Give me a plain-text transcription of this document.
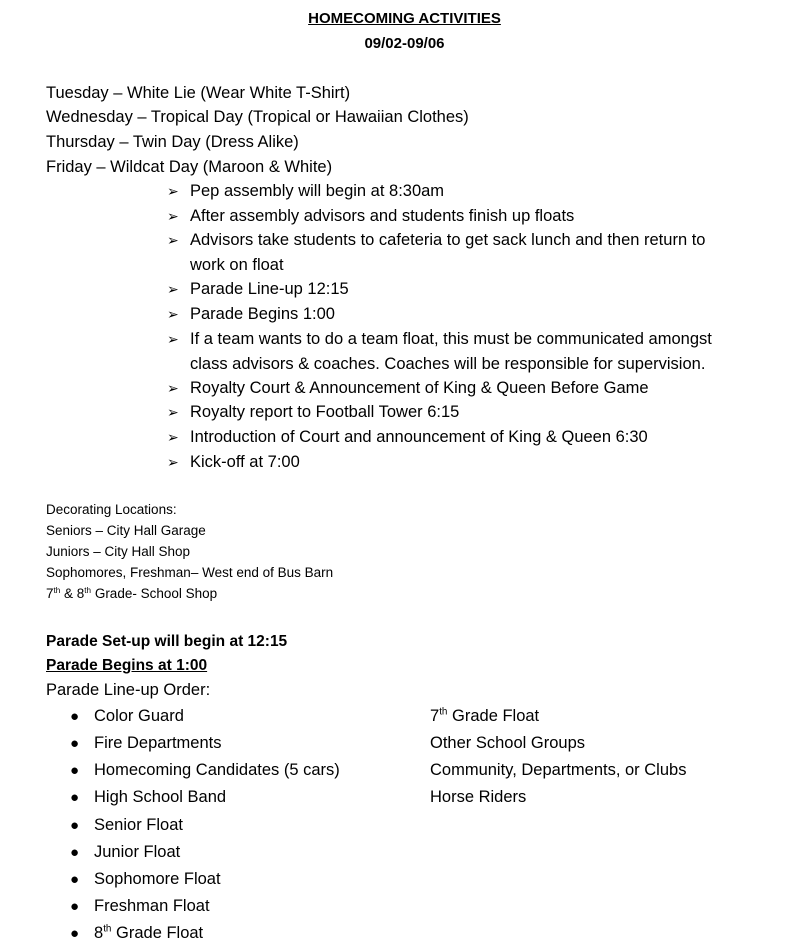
HOMECOMING ACTIVITIES
09/02-09/06
Tuesday – White Lie (Wear White T-Shirt)
Wednesday – Tropical Day (Tropical or Hawaiian Clothes)
Thursday – Twin Day (Dress Alike)
Friday – Wildcat Day (Maroon & White)
➢ Pep assembly will begin at 8:30am
➢ After assembly advisors and students finish up floats
➢ Advisors take students to cafeteria to get sack lunch and then return to
work on float
➢ Parade Line-up 12:15
➢ Parade Begins 1:00
➢ If a team wants to do a team float, this must be communicated amongst
class advisors & coaches. Coaches will be responsible for supervision.
➢ Royalty Court & Announcement of King & Queen Before Game
➢ Royalty report to Football Tower 6:15
➢ Introduction of Court and announcement of King & Queen 6:30
➢ Kick-off at 7:00
Decorating Locations:
Seniors – City Hall Garage
Juniors – City Hall Shop
Sophomores, Freshman– West end of Bus Barn
7th & 8th Grade- School Shop
Parade Set-up will begin at 12:15
Parade Begins at 1:00
Parade Line-up Order:
● Color Guard
● Fire Departments
● Homecoming Candidates (5 cars)
● High School Band
● Senior Float
● Junior Float
● Sophomore Float
● Freshman Float
● 8th Grade Float
7th Grade Float
Other School Groups
Community, Departments, or Clubs
Horse Riders
